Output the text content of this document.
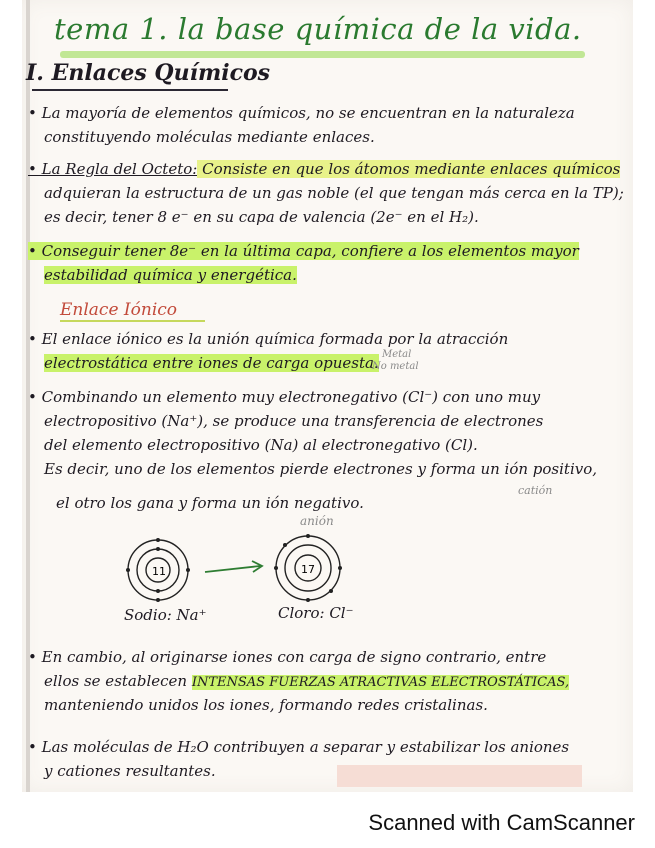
tema 1. la base química de la vida.
I. Enlaces Químicos
• La mayoría de elementos químicos, no se encuentran en la naturaleza
constituyendo moléculas mediante enlaces.
• La Regla del Octeto: Consiste en que los átomos mediante enlaces químicos
adquieran la estructura de un gas noble (el que tengan más cerca en la TP);
es decir, tener 8 e⁻ en su capa de valencia (2e⁻ en el H₂).
• Conseguir tener 8e⁻ en la última capa, confiere a los elementos mayor
estabilidad química y energética.
Enlace Iónico
• El enlace iónico es la unión química formada por la atracción
electrostática entre iones de carga opuesta. Metal
No metal
• Combinando un elemento muy electronegativo (Cl⁻) con uno muy
electropositivo (Na⁺), se produce una transferencia de electrones
del elemento electropositivo (Na) al electronegativo (Cl).
Es decir, uno de los elementos pierde electrones y forma un ión positivo,
catión
el otro los gana y forma un ión negativo.
anión
11	17
Sodio: Na⁺	Cloro: Cl⁻
• En cambio, al originarse iones con carga de signo contrario, entre
ellos se establecen INTENSAS FUERZAS ATRACTIVAS ELECTROSTÁTICAS,
manteniendo unidos los iones, formando redes cristalinas.
• Las moléculas de H₂O contribuyen a separar y estabilizar los aniones
y cationes resultantes.
Scanned with CamScanner
